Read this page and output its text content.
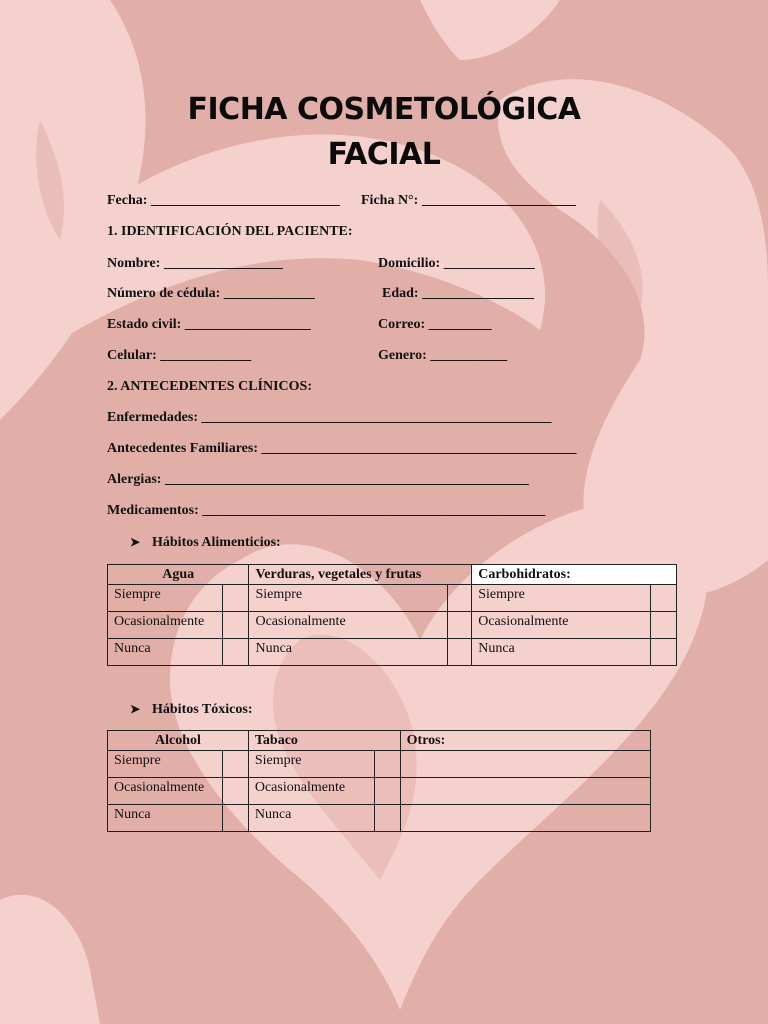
FICHA COSMETOLÓGICA
FACIAL
Fecha: ___________________________ Ficha N°: ______________________
1. IDENTIFICACIÓN DEL PACIENTE:
Nombre: _________________	Domicilio: _____________
Número de cédula: _____________	Edad: ________________
Estado civil: __________________	Correo: _________
Celular: _____________	Genero: ___________
2. ANTECEDENTES CLÍNICOS:
Enfermedades: __________________________________________________
Antecedentes Familiares: _____________________________________________
Alergias: ____________________________________________________
Medicamentos: _________________________________________________
➤ Hábitos Alimenticios:
Agua		Verduras, vegetales y frutas		Carbohidratos:	
Siempre		Siempre		Siempre	
Ocasionalmente		Ocasionalmente		Ocasionalmente	
Nunca		Nunca		Nunca	
➤ Hábitos Tóxicos:
Alcohol		Tabaco		Otros:
Siempre		Siempre		
Ocasionalmente		Ocasionalmente		
Nunca		Nunca		
